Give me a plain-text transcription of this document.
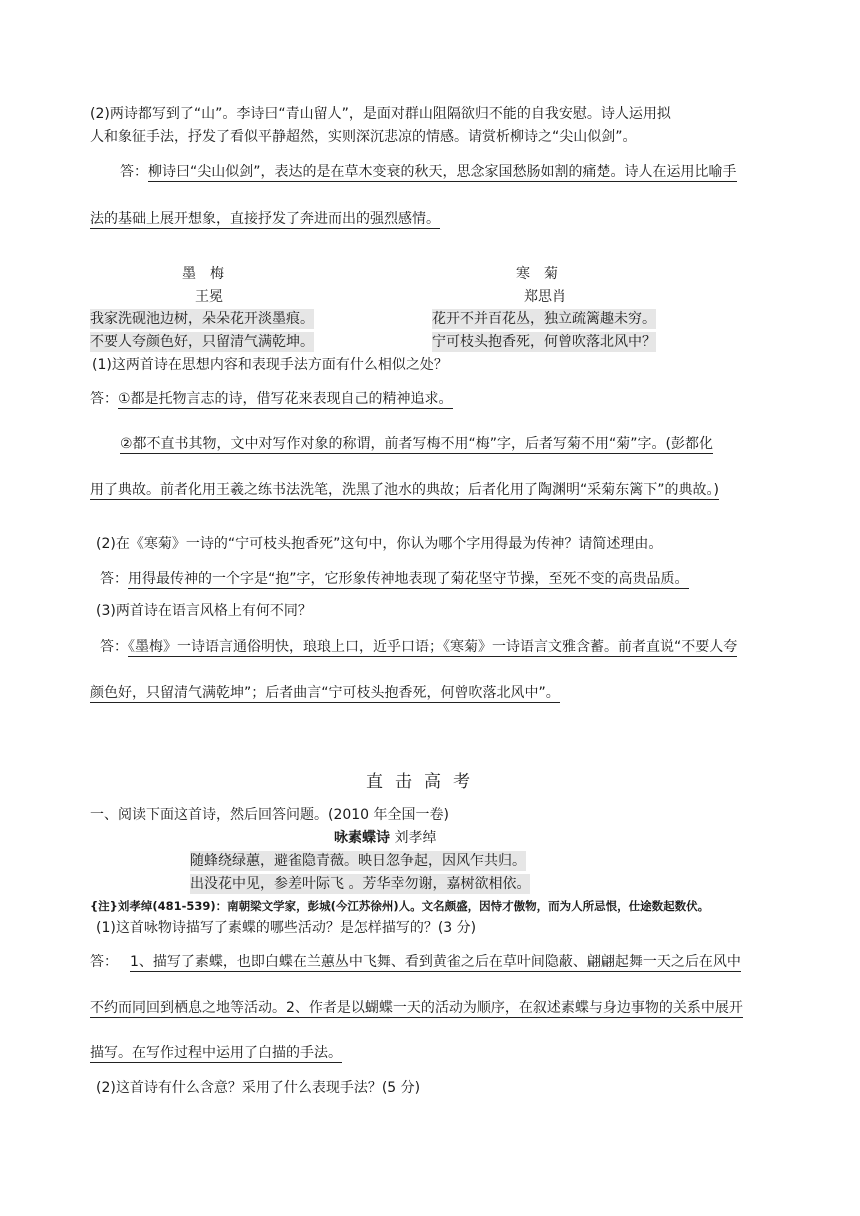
(2)两诗都写到了“山”。李诗曰“青山留人”，是面对群山阻隔欲归不能的自我安慰。诗人运用拟
人和象征手法，抒发了看似平静超然，实则深沉悲凉的情感。请赏析柳诗之“尖山似剑”。
答：柳诗曰“尖山似剑”，表达的是在草木变衰的秋天，思念家国愁肠如割的痛楚。诗人在运用比喻手
法的基础上展开想象，直接抒发了奔进而出的强烈感情。
墨　梅
王冕
我家洗砚池边树，朵朵花开淡墨痕。
不要人夸颜色好，只留清气满乾坤。
寒　菊
郑思肖
花开不并百花丛，独立疏篱趣未穷。
宁可枝头抱香死，何曾吹落北风中？
(1)这两首诗在思想内容和表现手法方面有什么相似之处？
答：①都是托物言志的诗，借写花来表现自己的精神追求。
②都不直书其物，文中对写作对象的称谓，前者写梅不用“梅”字，后者写菊不用“菊”字。(彭都化
用了典故。前者化用王羲之练书法洗笔，洗黑了池水的典故；后者化用了陶渊明“采菊东篱下”的典故。)
(2)在《寒菊》一诗的“宁可枝头抱香死”这句中，你认为哪个字用得最为传神？请简述理由。
答：用得最传神的一个字是“抱”字，它形象传神地表现了菊花坚守节操，至死不变的高贵品质。
(3)两首诗在语言风格上有何不同？
答：《墨梅》一诗语言通俗明快，琅琅上口，近乎口语；《寒菊》一诗语言文雅含蓄。前者直说“不要人夸
颜色好，只留清气满乾坤”；后者曲言“宁可枝头抱香死，何曾吹落北风中”。
直击高考
一、阅读下面这首诗，然后回答问题。(2010 年全国一卷)
咏素蝶诗 刘孝绰
随蜂绕绿蕙，避雀隐青薇。映日忽争起，因风乍共归。
出没花中见，参差叶际飞 。芳华幸勿谢，嘉树欲相依。
{注}刘孝绰(481-539)：南朝梁文学家，彭城(今江苏徐州)人。文名颇盛，因恃才傲物，而为人所忌恨，仕途数起数伏。
(1)这首咏物诗描写了素蝶的哪些活动？是怎样描写的？(3 分)
答： 1、描写了素蝶，也即白蝶在兰蕙丛中飞舞、看到黄雀之后在草叶间隐蔽、翩翩起舞一天之后在风中
不约而同回到栖息之地等活动。2、作者是以蝴蝶一天的活动为顺序，在叙述素蝶与身边事物的关系中展开
描写。在写作过程中运用了白描的手法。
(2)这首诗有什么含意？采用了什么表现手法？(5 分)
